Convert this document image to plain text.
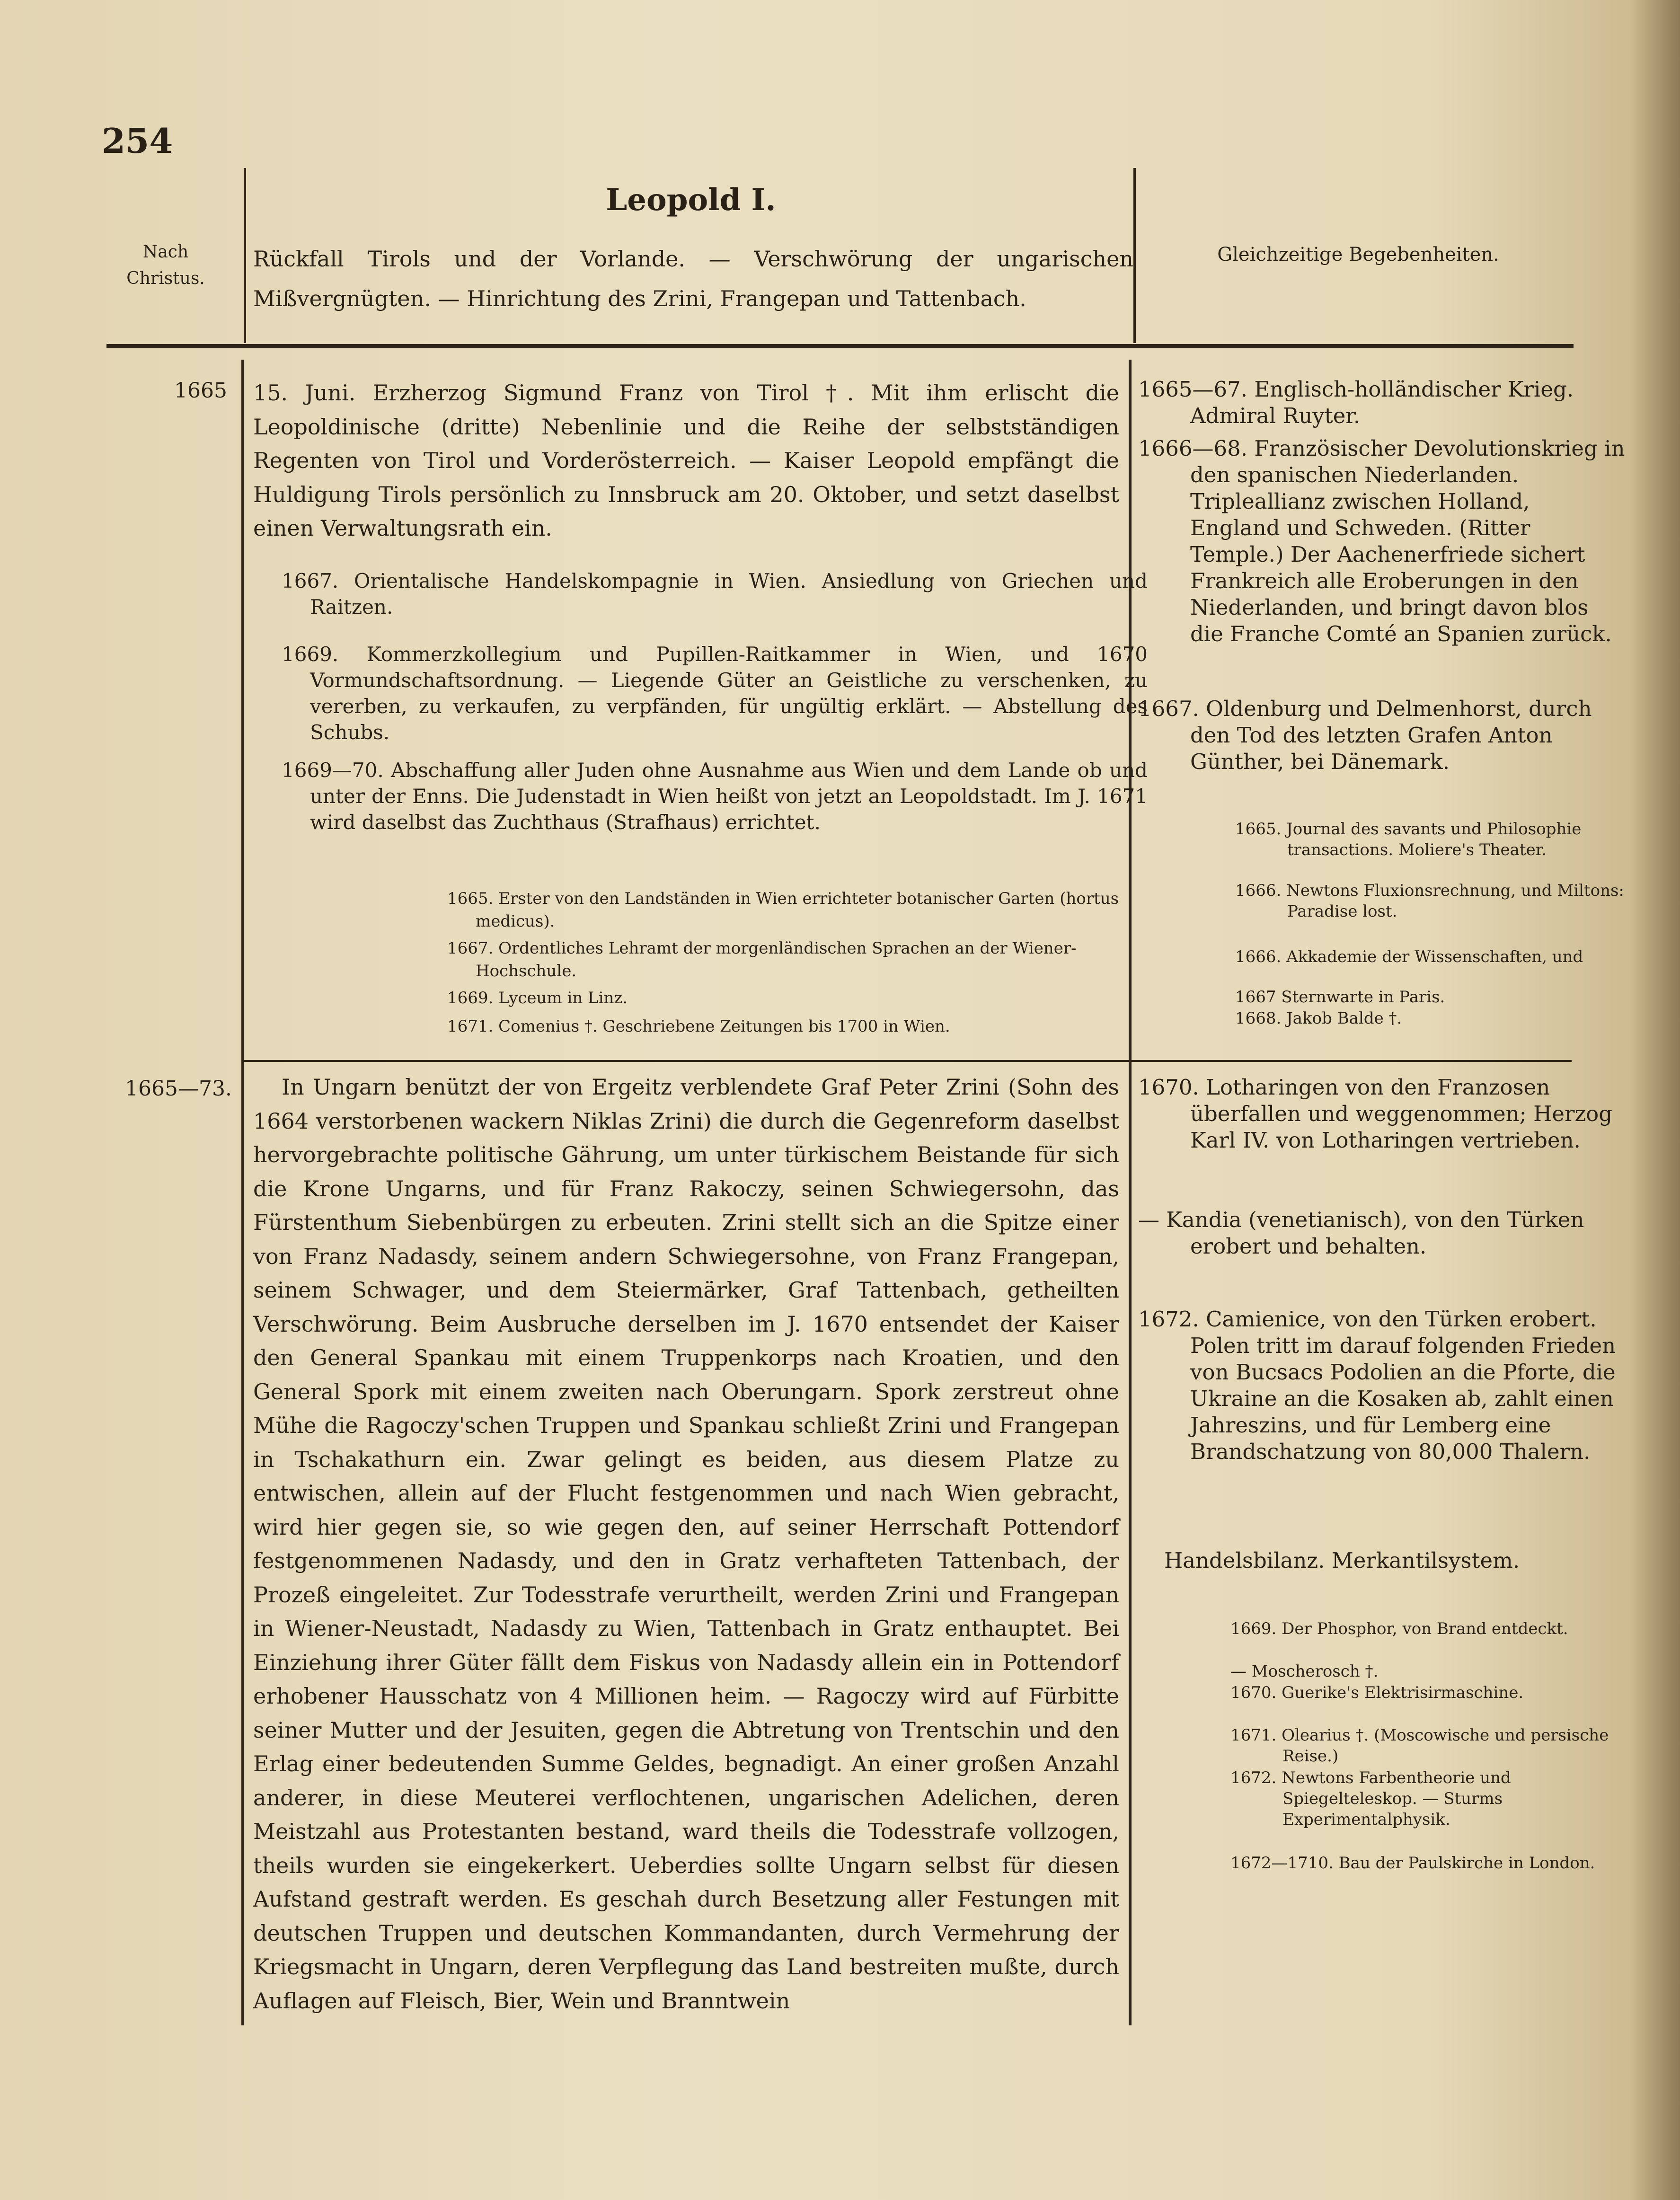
254
Nach Christus.
Leopold I.
Rückfall Tirols und der Vorlande. — Verschwörung der ungarischen Mißvergnügten. — Hinrichtung des Zrini, Frangepan und Tattenbach.
Gleichzeitige Begebenheiten.
1665 15. Juni. Erzherzog Sigmund Franz von Tirol †. Mit ihm erlischt die Leopoldinische (dritte) Nebenlinie und die Reihe der selbstständigen Regenten von Tirol und Vorderösterreich. — Kaiser Leopold empfängt die Huldigung Tirols persönlich zu Innsbruck am 20. Oktober, und setzt daselbst einen Verwaltungsrath ein.
1667. Orientalische Handelskompagnie in Wien. Ansiedlung von Griechen und Raitzen.
1669. Kommerzkollegium und Pupillen-Raitkammer in Wien, und 1670 Vormundschaftsordnung. — Liegende Güter an Geistliche zu verschenken, zu vererben, zu verkaufen, zu verpfänden, für ungültig erklärt. — Abstellung des Schubs.
1669—70. Abschaffung aller Juden ohne Ausnahme aus Wien und dem Lande ob und unter der Enns. Die Judenstadt in Wien heißt von jetzt an Leopoldstadt. Im J. 1671 wird daselbst das Zuchthaus (Strafhaus) errichtet.
1665. Erster von den Landständen in Wien errichteter botanischer Garten (hortus medicus).
1667. Ordentliches Lehramt der morgenländischen Sprachen an der Wiener-Hochschule.
1669. Lyceum in Linz.
1671. Comenius †. Geschriebene Zeitungen bis 1700 in Wien.
1665—73.	In Ungarn benützt der von Ergeitz verblendete Graf Peter Zrini (Sohn des 1664 verstorbenen wackern Niklas Zrini) die durch die Gegenreform daselbst hervorgebrachte politische Gährung, um unter türkischem Beistande für sich die Krone Ungarns, und für Franz Rakoczy, seinen Schwiegersohn, das Fürstenthum Siebenbürgen zu erbeuten. Zrini stellt sich an die Spitze einer von Franz Nadasdy, seinem andern Schwiegersohne, von Franz Frangepan, seinem Schwager, und dem Steiermärker, Graf Tattenbach, getheilten Verschwörung. Beim Ausbruche derselben im J. 1670 entsendet der Kaiser den General Spankau mit einem Truppenkorps nach Kroatien, und den General Spork mit einem zweiten nach Oberungarn. Spork zerstreut ohne Mühe die Ragoczy'schen Truppen und Spankau schließt Zrini und Frangepan in Tschakathurn ein. Zwar gelingt es beiden, aus diesem Platze zu entwischen, allein auf der Flucht festgenommen und nach Wien gebracht, wird hier gegen sie, so wie gegen den, auf seiner Herrschaft Pottendorf festgenommenen Nadasdy, und den in Gratz verhafteten Tattenbach, der Prozeß eingeleitet. Zur Todesstrafe verurtheilt, werden Zrini und Frangepan in Wiener-Neustadt, Nadasdy zu Wien, Tattenbach in Gratz enthauptet. Bei Einziehung ihrer Güter fällt dem Fiskus von Nadasdy allein ein in Pottendorf erhobener Hausschatz von 4 Millionen heim. — Ragoczy wird auf Fürbitte seiner Mutter und der Jesuiten, gegen die Abtretung von Trentschin und den Erlag einer bedeutenden Summe Geldes, begnadigt. An einer großen Anzahl anderer, in diese Meuterei verflochtenen, ungarischen Adelichen, deren Meistzahl aus Protestanten bestand, ward theils die Todesstrafe vollzogen, theils wurden sie eingekerkert. Ueberdies sollte Ungarn selbst für diesen Aufstand gestraft werden. Es geschah durch Besetzung aller Festungen mit deutschen Truppen und deutschen Kommandanten, durch Vermehrung der Kriegsmacht in Ungarn, deren Verpflegung das Land bestreiten mußte, durch Auflagen auf Fleisch, Bier, Wein und Branntwein
1665—67. Englisch-holländischer Krieg. Admiral Ruyter.
1666—68. Französischer Devolutionskrieg in den spanischen Niederlanden. Tripleallianz zwischen Holland, England und Schweden. (Ritter Temple.) Der Aachenerfriede sichert Frankreich alle Eroberungen in den Niederlanden, und bringt davon blos die Franche Comté an Spanien zurück.
1667. Oldenburg und Delmenhorst, durch den Tod des letzten Grafen Anton Günther, bei Dänemark.
1665. Journal des savants und Philosophie transactions. Moliere's Theater.
1666. Newtons Fluxionsrechnung, und Miltons: Paradise lost.
1666. Akkademie der Wissenschaften, und
1667 Sternwarte in Paris.
1668. Jakob Balde †.
1670. Lotharingen von den Franzosen überfallen und weggenommen; Herzog Karl IV. von Lotharingen vertrieben.
— Kandia (venetianisch), von den Türken erobert und behalten.
1672. Camienice, von den Türken erobert. Polen tritt im darauf folgenden Frieden von Bucsacs Podolien an die Pforte, die Ukraine an die Kosaken ab, zahlt einen Jahreszins, und für Lemberg eine Brandschatzung von 80,000 Thalern.
Handelsbilanz. Merkantilsystem.
1669. Der Phosphor, von Brand entdeckt.
— Moscherosch †.
1670. Guerike's Elektrisirmaschine.
1671. Olearius †. (Moscowische und persische Reise.)
1672. Newtons Farbentheorie und Spiegelteleskop. — Sturms Experimentalphysik.
1672—1710. Bau der Paulskirche in London.
